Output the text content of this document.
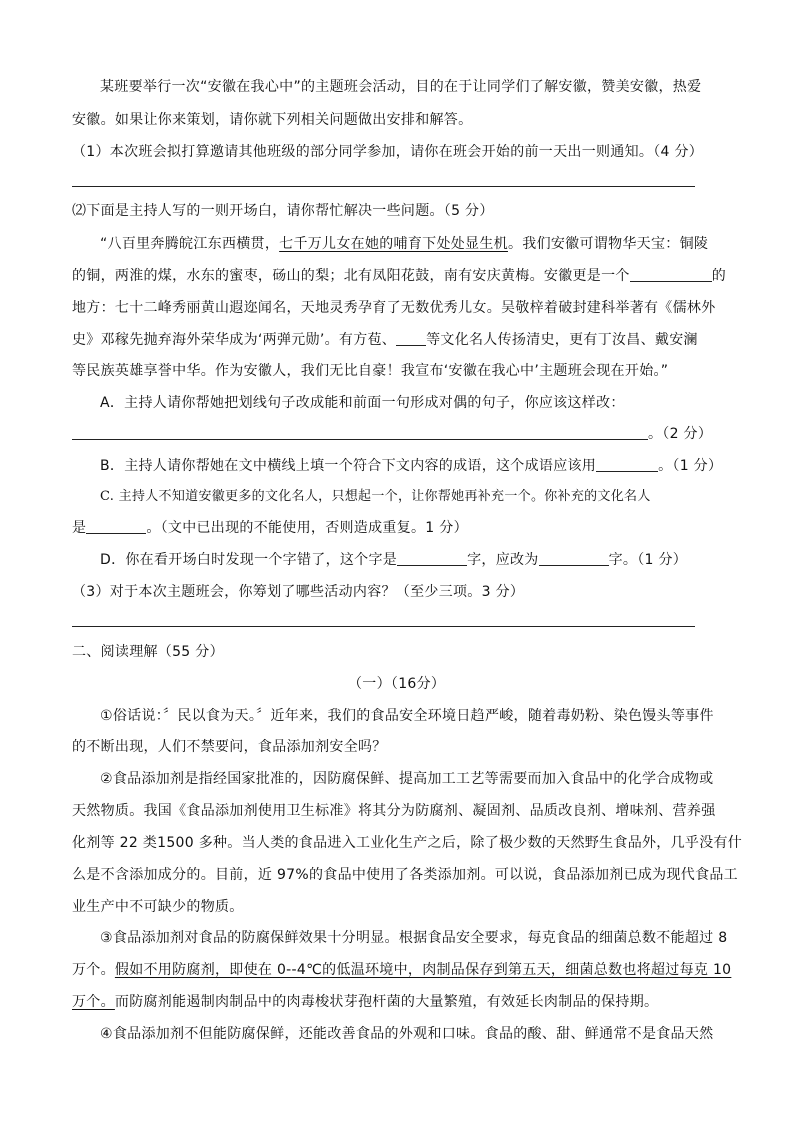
某班要举行一次“安徽在我心中”的主题班会活动，目的在于让同学们了解安徽，赞美安徽，热爱
安徽。如果让你来策划，请你就下列相关问题做出安排和解答。
（1）本次班会拟打算邀请其他班级的部分同学参加，请你在班会开始的前一天出一则通知。（4 分）
⑵下面是主持人写的一则开场白，请你帮忙解决一些问题。（5 分）
“八百里奔腾皖江东西横贯，七千万儿女在她的哺育下处处显生机。我们安徽可谓物华天宝：铜陵
的铜，两淮的煤，水东的蜜枣，砀山的梨；北有凤阳花鼓，南有安庆黄梅。安徽更是一个	的
地方：七十二峰秀丽黄山遐迩闻名，天地灵秀孕育了无数优秀儿女。吴敬梓着破封建科举著有《儒林外
史》邓稼先抛弃海外荣华成为‘两弹元勋’。有方苞、 等文化名人传扬清史，更有丁汝昌、戴安澜
等民族英雄享誉中华。作为安徽人，我们无比自豪！我宣布‘安徽在我心中’主题班会现在开始。”
A．主持人请你帮她把划线句子改成能和前面一句形成对偶的句子，你应该这样改：
。（2 分）
B．主持人请你帮她在文中横线上填一个符合下文内容的成语，这个成语应该用	。（1 分）
C. 主持人不知道安徽更多的文化名人，只想起一个，让你帮她再补充一个。你补充的文化名人
是	。（文中已出现的不能使用，否则造成重复。1 分）
D．你在看开场白时发现一个字错了，这个字是	字，应改为	字。（1 分）
（3）对于本次主题班会，你筹划了哪些活动内容？（至少三项。3 分）
二、阅读理解（55 分）
（一）（16分）
①俗话说：〞民以食为天。〞近年来，我们的食品安全环境日趋严峻，随着毒奶粉、染色馒头等事件
的不断出现，人们不禁要问，食品添加剂安全吗？
②食品添加剂是指经国家批准的，因防腐保鲜、提高加工工艺等需要而加入食品中的化学合成物或
天然物质。我国《食品添加剂使用卫生标准》将其分为防腐剂、凝固剂、品质改良剂、增味剂、营养强
化剂等 22 类1500 多种。当人类的食品进入工业化生产之后，除了极少数的天然野生食品外，几乎没有什
么是不含添加成分的。目前，近 97%的食品中使用了各类添加剂。可以说，食品添加剂已成为现代食品工
业生产中不可缺少的物质。
③食品添加剂对食品的防腐保鲜效果十分明显。根据食品安全要求，每克食品的细菌总数不能超过 8
万个。假如不用防腐剂，即使在 0--4℃的低温环境中，肉制品保存到第五天，细菌总数也将超过每克 10
万个。而防腐剂能遏制肉制品中的肉毒梭状芽孢杆菌的大量繁殖，有效延长肉制品的保持期。
④食品添加剂不但能防腐保鲜，还能改善食品的外观和口味。食品的酸、甜、鲜通常不是食品天然
